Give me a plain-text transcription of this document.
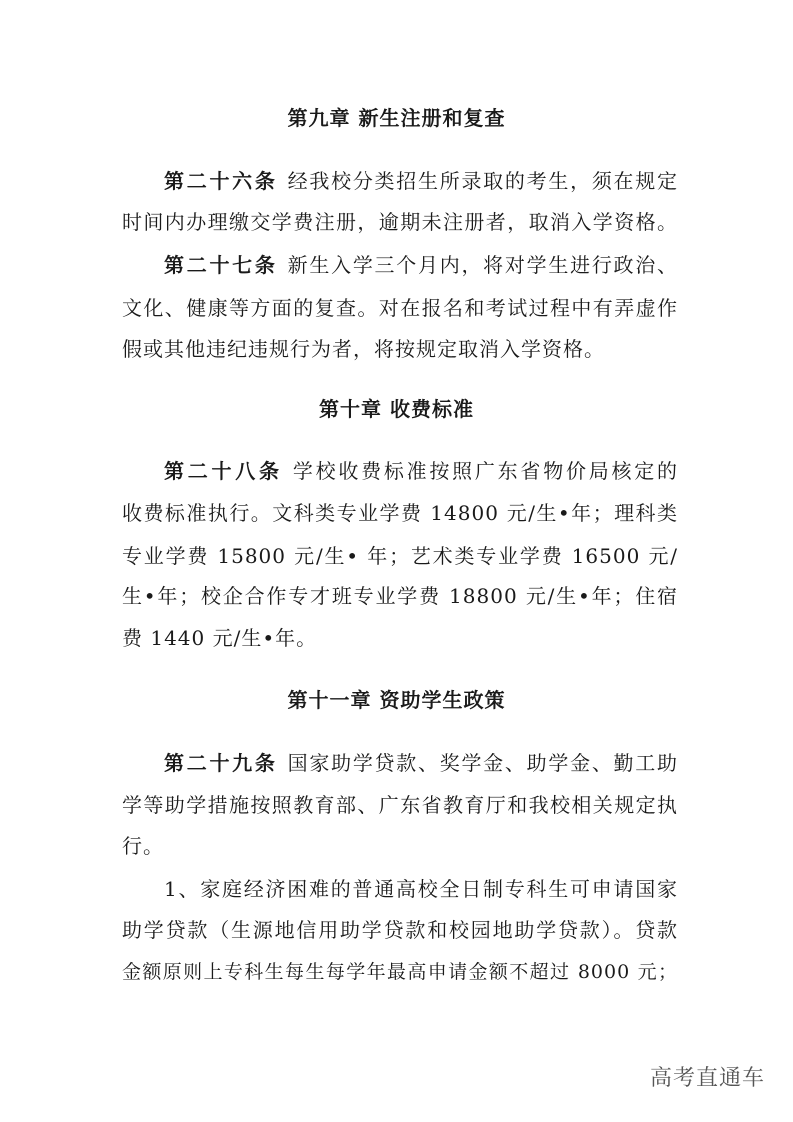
第九章 新生注册和复查
第二十六条 经我校分类招生所录取的考生，须在规定
时间内办理缴交学费注册，逾期未注册者，取消入学资格。
第二十七条 新生入学三个月内，将对学生进行政治、
文化、健康等方面的复查。对在报名和考试过程中有弄虚作
假或其他违纪违规行为者，将按规定取消入学资格。
第十章 收费标准
第二十八条 学校收费标准按照广东省物价局核定的
收费标准执行。文科类专业学费 14800 元/生•年；理科类
专业学费 15800 元/生• 年；艺术类专业学费 16500 元/
生•年；校企合作专才班专业学费 18800 元/生•年；住宿
费 1440 元/生•年。
第十一章 资助学生政策
第二十九条 国家助学贷款、奖学金、助学金、勤工助
学等助学措施按照教育部、广东省教育厅和我校相关规定执
行。
1、家庭经济困难的普通高校全日制专科生可申请国家
助学贷款（生源地信用助学贷款和校园地助学贷款）。贷款
金额原则上专科生每生每学年最高申请金额不超过 8000 元；
高考直通车
